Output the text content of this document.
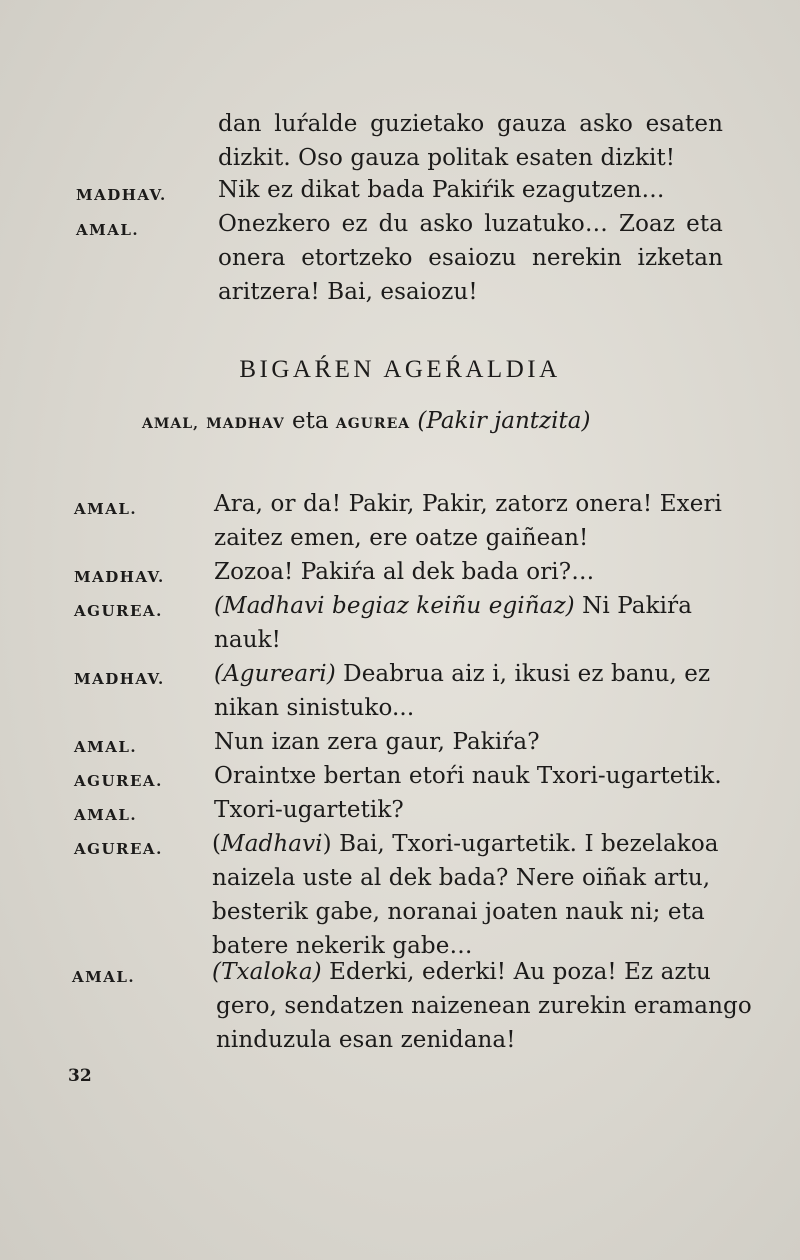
dan luŕalde guzietako gauza asko esaten
dizkit. Oso gauza politak esaten dizkit!
MADHAV. Nik ez dikat bada Pakiŕik ezagutzen…
AMAL.	Onezkero ez du asko luzatuko… Zoaz eta
onera etortzeko esaiozu nerekin izketan
aritzera! Bai, esaiozu!
BIGAŔEN AGEŔALDIA
AMAL, MADHAV eta AGUREA (Pakir jantzita)
AMAL.	Ara, or da! Pakir, Pakir, zatorz onera! Exeri
zaitez emen, ere oatze gaiñean!
MADHAV. Zozoa! Pakiŕa al dek bada ori?…
AGUREA. (Madhavi begiaz keiñu egiñaz) Ni Pakiŕa
nauk!
MADHAV. (Agureari) Deabrua aiz i, ikusi ez banu, ez
nikan sinistuko...
AMAL.	Nun izan zera gaur, Pakiŕa?
AGUREA. Oraintxe bertan etoŕi nauk Txori-ugartetik.
AMAL.	Txori-ugartetik?
AGUREA. (Madhavi) Bai, Txori-ugartetik. I bezelakoa
naizela uste al dek bada? Nere oiñak artu,
besterik gabe, noranai joaten nauk ni; eta
batere nekerik gabe…
AMAL.	(Txaloka) Ederki, ederki! Au poza! Ez aztu
gero, sendatzen naizenean zurekin eramango
ninduzula esan zenidana!
32
